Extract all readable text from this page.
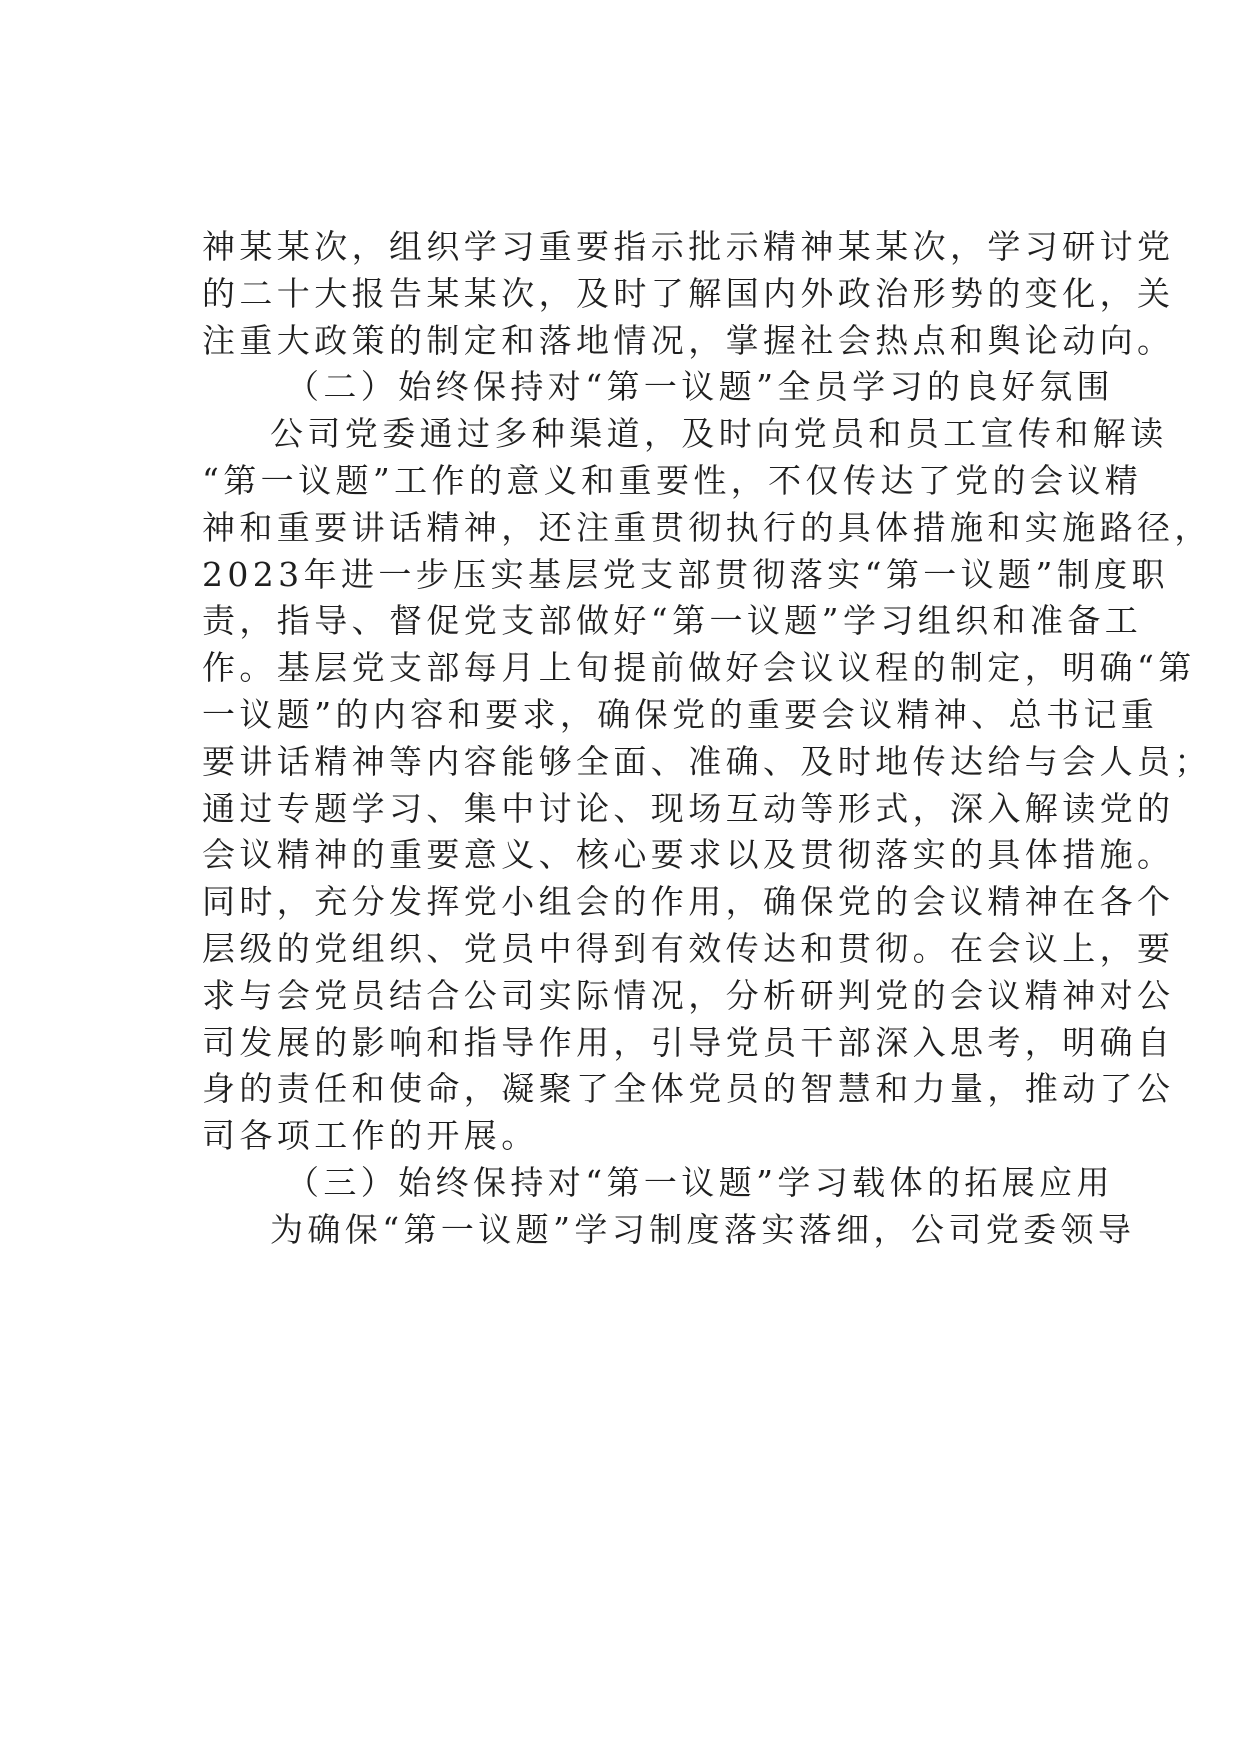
神某某次，组织学习重要指示批示精神某某次，学习研讨党
的二十大报告某某次，及时了解国内外政治形势的变化，关
注重大政策的制定和落地情况，掌握社会热点和舆论动向。
（二）始终保持对“第一议题”全员学习的良好氛围
公司党委通过多种渠道，及时向党员和员工宣传和解读
“第一议题”工作的意义和重要性，不仅传达了党的会议精
神和重要讲话精神，还注重贯彻执行的具体措施和实施路径，
2023年进一步压实基层党支部贯彻落实“第一议题”制度职
责，指导、督促党支部做好“第一议题”学习组织和准备工
作。基层党支部每月上旬提前做好会议议程的制定，明确“第
一议题”的内容和要求，确保党的重要会议精神、总书记重
要讲话精神等内容能够全面、准确、及时地传达给与会人员；
通过专题学习、集中讨论、现场互动等形式，深入解读党的
会议精神的重要意义、核心要求以及贯彻落实的具体措施。
同时，充分发挥党小组会的作用，确保党的会议精神在各个
层级的党组织、党员中得到有效传达和贯彻。在会议上，要
求与会党员结合公司实际情况，分析研判党的会议精神对公
司发展的影响和指导作用，引导党员干部深入思考，明确自
身的责任和使命，凝聚了全体党员的智慧和力量，推动了公
司各项工作的开展。
（三）始终保持对“第一议题”学习载体的拓展应用
为确保“第一议题”学习制度落实落细，公司党委领导
